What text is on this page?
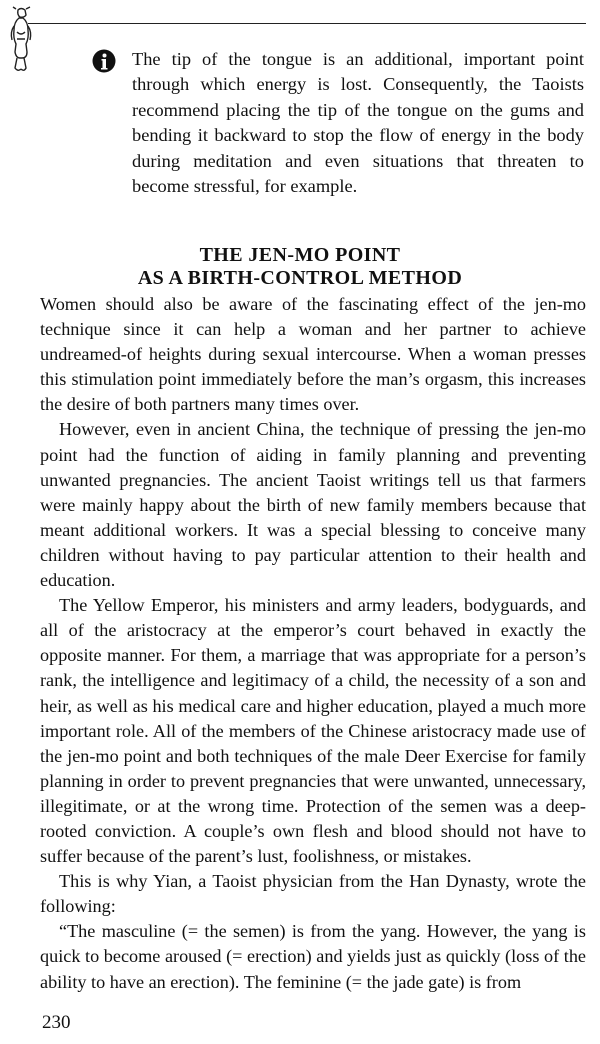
The tip of the tongue is an additional, important point through which energy is lost. Consequently, the Taoists recommend placing the tip of the tongue on the gums and bending it backward to stop the flow of energy in the body during meditation and even situations that threaten to become stressful, for example.

THE JEN-MO POINT
AS A BIRTH-CONTROL METHOD

Women should also be aware of the fascinating effect of the jen-mo technique since it can help a woman and her partner to achieve undreamed-of heights during sexual intercourse. When a woman presses this stimulation point immediately before the man’s orgasm, this increases the desire of both partners many times over.

However, even in ancient China, the technique of pressing the jen-mo point had the function of aiding in family planning and preventing unwanted pregnancies. The ancient Taoist writings tell us that farmers were mainly happy about the birth of new family members because that meant additional workers. It was a special blessing to conceive many children without having to pay particular attention to their health and education.

The Yellow Emperor, his ministers and army leaders, bodyguards, and all of the aristocracy at the emperor’s court behaved in exactly the opposite manner. For them, a marriage that was appropriate for a person’s rank, the intelligence and legitimacy of a child, the necessity of a son and heir, as well as his medical care and higher education, played a much more important role. All of the members of the Chinese aristocracy made use of the jen-mo point and both techniques of the male Deer Exercise for family planning in order to prevent pregnancies that were unwanted, unnecessary, illegitimate, or at the wrong time. Protection of the semen was a deep-rooted conviction. A couple’s own flesh and blood should not have to suffer because of the parent’s lust, foolishness, or mistakes.

This is why Yian, a Taoist physician from the Han Dynasty, wrote the following:

“The masculine (= the semen) is from the yang. However, the yang is quick to become aroused (= erection) and yields just as quickly (loss of the ability to have an erection). The feminine (= the jade gate) is from

230
